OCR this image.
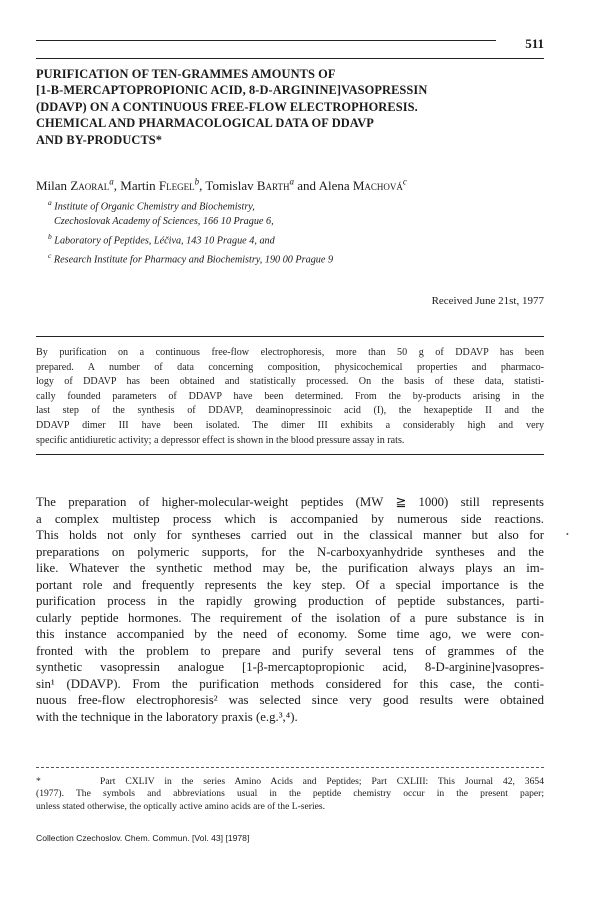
511
PURIFICATION OF TEN-GRAMMES AMOUNTS OF
[1-Β-MERCAPTOPROPIONIC ACID, 8-D-ARGININE]VASOPRESSIN
(DDAVP) ON A CONTINUOUS FREE-FLOW ELECTROPHORESIS.
CHEMICAL AND PHARMACOLOGICAL DATA OF DDAVP
AND BY-PRODUCTS*
Milan Zaoral$^a$, Martin Flegel$^b$, Tomislav Barth$^a$ and Alena Machová$^c$
$^a$ Institute of Organic Chemistry and Biochemistry,
Czechoslovak Academy of Sciences, 166 10 Prague 6,
$^b$ Laboratory of Peptides, Léčiva, 143 10 Prague 4, and
$^c$ Research Institute for Pharmacy and Biochemistry, 190 00 Prague 9
Received June 21st, 1977

By purification on a continuous free-flow electrophoresis, more than 50 g of DDAVP has been
prepared. A number of data concerning composition, physicochemical properties and pharmaco-
logy of DDAVP has been obtained and statistically processed. On the basis of these data, statisti-
cally founded parameters of DDAVP have been determined. From the by-products arising in the
last step of the synthesis of DDAVP, deaminopressinoic acid (I), the hexapeptide II and the
DDAVP dimer III have been isolated. The dimer III exhibits a considerably high and very
specific antidiuretic activity; a depressor effect is shown in the blood pressure assay in rats.

The preparation of higher-molecular-weight peptides (MW ≧ 1000) still represents
a complex multistep process which is accompanied by numerous side reactions.
This holds not only for syntheses carried out in the classical manner but also for
preparations on polymeric supports, for the N-carboxyanhydride syntheses and the
like. Whatever the synthetic method may be, the purification always plays an im-
portant role and frequently represents the key step. Of a special importance is the
purification process in the rapidly growing production of peptide substances, parti-
cularly peptide hormones. The requirement of the isolation of a pure substance is in
this instance accompanied by the need of economy. Some time ago, we were con-
fronted with the problem to prepare and purify several tens of grammes of the
synthetic vasopressin analogue [1-β-mercaptopropionic acid, 8-D-arginine]vasopres-
sin¹ (DDAVP). From the purification methods considered for this case, the conti-
nuous free-flow electrophoresis² was selected since very good results were obtained
with the technique in the laboratory praxis (e.g.³,⁴).

•

*      Part CXLIV in the series Amino Acids and Peptides; Part CXLIII: This Journal 42, 3654
(1977). The symbols and abbreviations usual in the peptide chemistry occur in the present paper;
unless stated otherwise, the optically active amino acids are of the L-series.

Collection Czechoslov. Chem. Commun. [Vol. 43] [1978]
